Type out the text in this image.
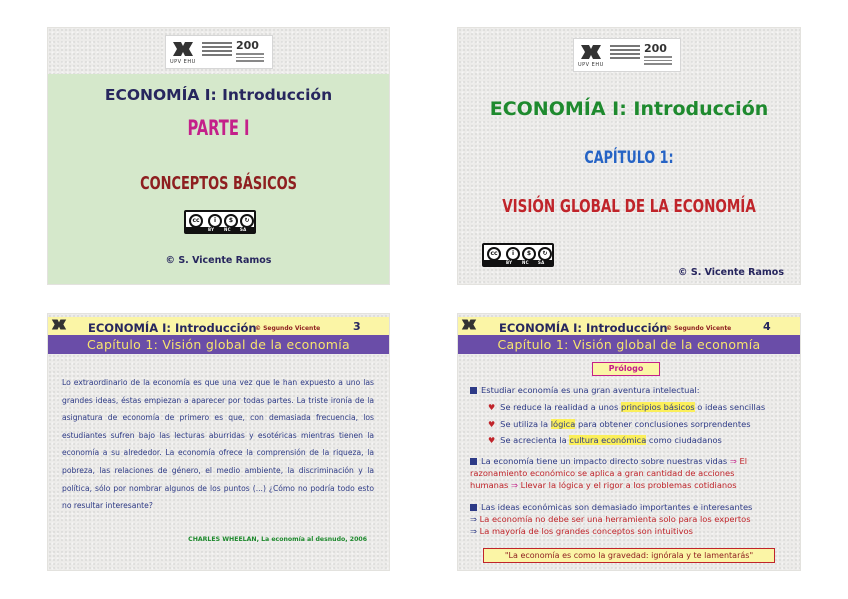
UPV EHU
200
ECONOMÍA I: Introducción
PARTE I
CONCEPTOS BÁSICOS
cc	i	$	↻
BY NC SA
© S. Vicente Ramos
UPV EHU
200
ECONOMÍA I: Introducción
CAPÍTULO 1:
VISIÓN GLOBAL DE LA ECONOMÍA
cc	i	$	↻
BY NC SA
© S. Vicente Ramos
ECONOMÍA I: Introducción
© Segundo Vicente	3
Capítulo 1: Visión global de la economía
Lo extraordinario de la economía es que una vez que le han expuesto a uno las grandes ideas, éstas empiezan a aparecer por todas partes. La triste ironía de la asignatura de economía de primero es que, con demasiada frecuencia, los estudiantes sufren bajo las lecturas aburridas y esotéricas mientras tienen la economía a su alrededor. La economía ofrece la comprensión de la riqueza, la pobreza, las relaciones de género, el medio ambiente, la discriminación y la política, sólo por nombrar algunos de los puntos (...) ¿Cómo no podría todo esto no resultar interesante?
CHARLES WHEELAN, La economía al desnudo, 2006
ECONOMÍA I: Introducción
© Segundo Vicente	4
Capítulo 1: Visión global de la economía
Prólogo
Estudiar economía es una gran aventura intelectual:
♥ Se reduce la realidad a unos principios básicos o ideas sencillas
♥ Se utiliza la lógica para obtener conclusiones sorprendentes
♥ Se acrecienta la cultura económica como ciudadanos
La economía tiene un impacto directo sobre nuestras vidas ⇒ El
razonamiento económico se aplica a gran cantidad de acciones
humanas ⇒ Llevar la lógica y el rigor a los problemas cotidianos
Las ideas económicas son demasiado importantes e interesantes
⇒ La economía no debe ser una herramienta solo para los expertos
⇒ La mayoría de los grandes conceptos son intuitivos
"La economía es como la gravedad: ignórala y te lamentarás"
